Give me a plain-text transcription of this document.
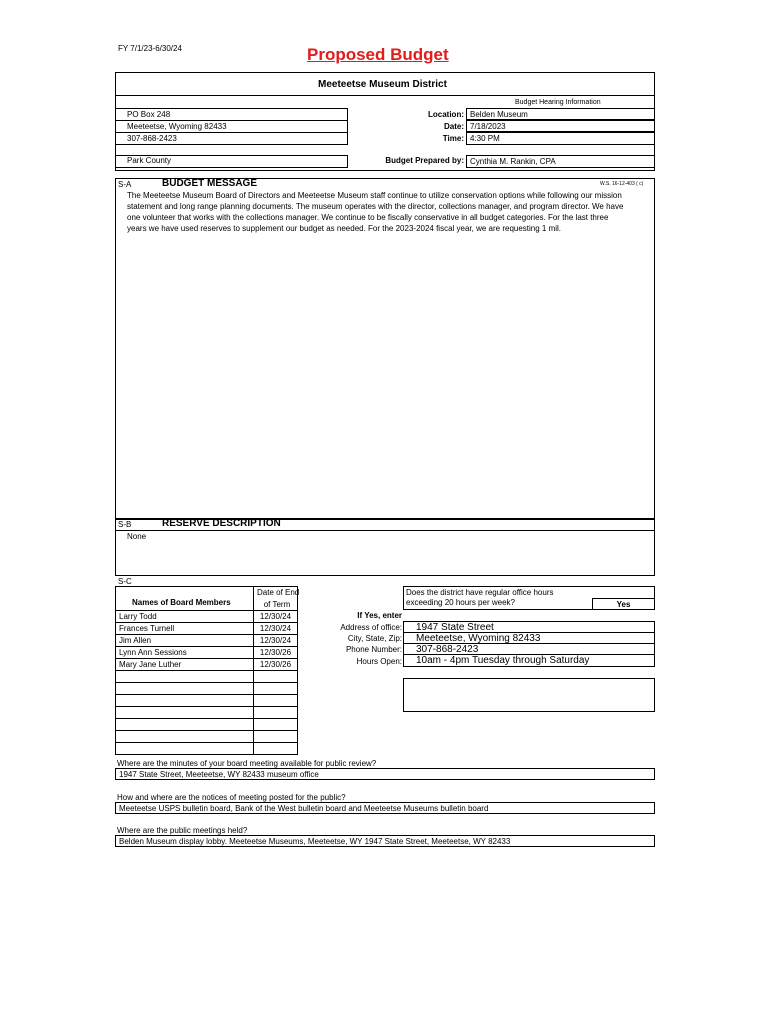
FY 7/1/23-6/30/24	Proposed Budget
Meeteetse Museum District
Budget Hearing Information
PO Box 248
Meeteetse, Wyoming 82433
307-868-2423
Park County
Location: Belden Museum
Date: 7/18/2023
Time: 4:30 PM
Budget Prepared by: Cynthia M. Rankin, CPA
S-A	BUDGET MESSAGE	W.S. 16-12-403 ( c)
The Meeteetse Museum Board of Directors and Meeteetse Museum staff continue to utilize conservation options while following our mission
statement and long range planning documents. The museum operates with the director, collections manager, and program director. We have
one volunteer that works with the collections manager. We continue to be fiscally conservative in all budget categories. For the last three
years we have used reserves to supplement our budget as needed. For the 2023-2024 fiscal year, we are requesting 1 mil.
S-B	RESERVE DESCRIPTION
None
S-C
Names of Board Members
Date of End
of Term
Larry Todd	12/30/24
Frances Turnell	12/30/24
Jim Allen	12/30/24
Lynn Ann Sessions	12/30/26
Mary Jane Luther	12/30/26
Does the district have regular office hours
exceeding 20 hours per week?	Yes
If Yes, enter
Address of office:	1947 State Street
City, State, Zip:	Meeteetse, Wyoming 82433
Phone Number:	307-868-2423
Hours Open:	10am - 4pm Tuesday through Saturday
Where are the minutes of your board meeting available for public review?
1947 State Street, Meeteetse, WY 82433 museum office
How and where are the notices of meeting posted for the public?
Meeteetse USPS bulletin board, Bank of the West bulletin board and Meeteetse Museums bulletin board
Where are the public meetings held?
Belden Museum display lobby. Meeteetse Museums, Meeteetse, WY 1947 State Street, Meeteetse, WY 82433
